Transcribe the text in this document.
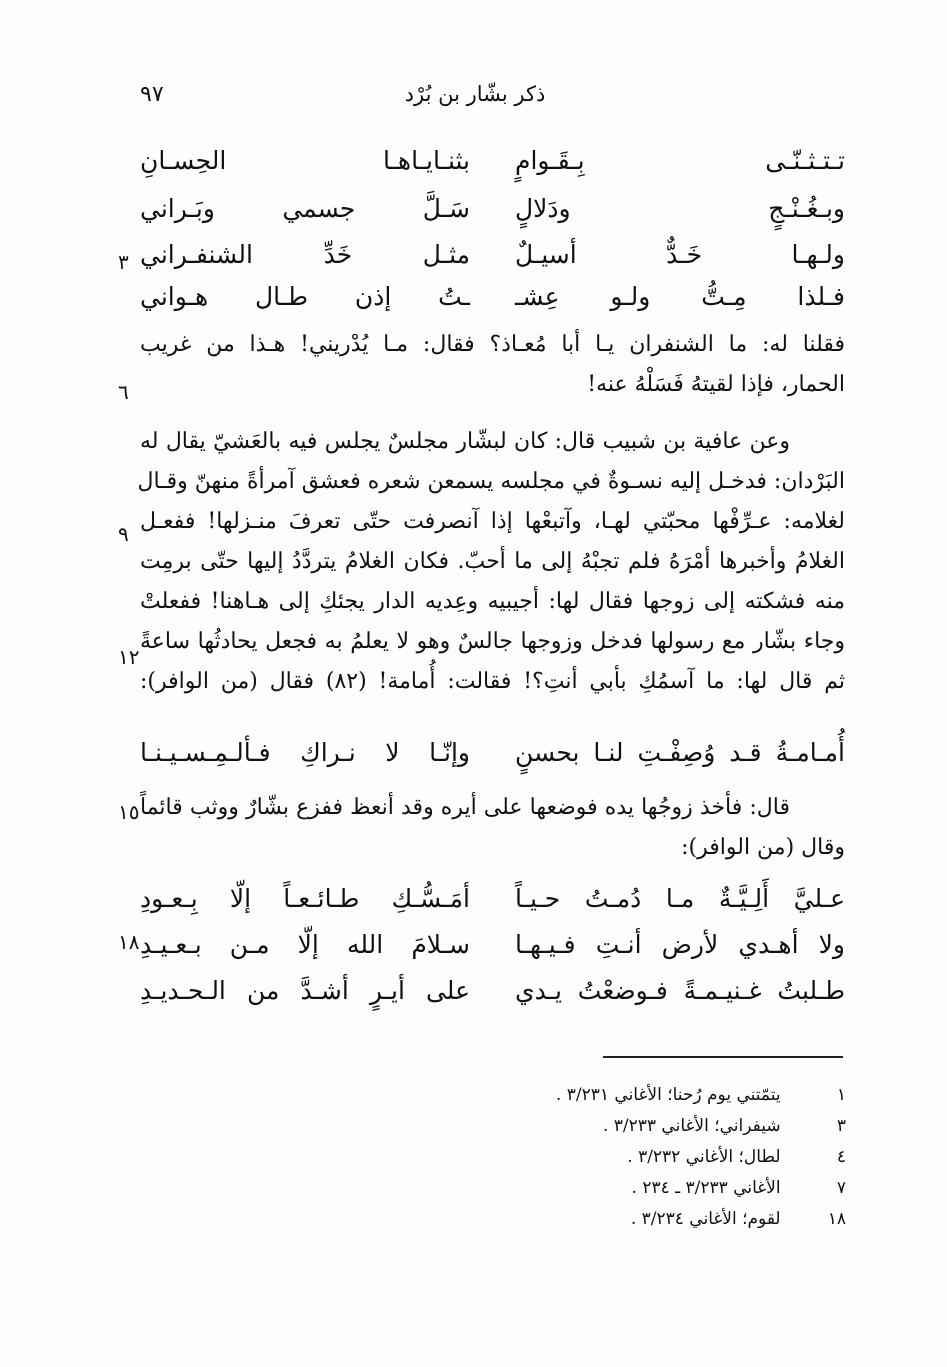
ذكر بشّار بن بُرْد
٩٧
تـتـثـنّـى بِـقَـوامٍ
بثنـايـاهـا الحِسـانِ
وبـغُـنْـجٍ ودَلالٍ
سَـلَّ جسمي وبَـراني
ولـهـا خَـدٌّ أسيـلٌ
مثـل خَدِّ الشنفـراني
فـلذا مِـتُّ ولـو عِشـ
ـتُ إذن طـال هـواني
فقلنا له: ما الشنفران يـا أبا مُعـاذ؟ فقال: مـا يُدْريني! هـذا من غريب
الحمار، فإذا لقيتهُ فَسَلْهُ عنه!
وعن عافية بن شبيب قال: كان لبشّار مجلسٌ يجلس فيه بالعَشيّ يقال له
البَرْدان: فدخـل إليه نسـوةٌ في مجلسه يسمعن شعره فعشق آمرأةً منهنّ وقـال
لغلامه: عـرِّفْها محبّتي لهـا، وآتبعْها إذا آنصرفت حتّى تعرفَ منـزلها! ففعـل
الغلامُ وأخبرها أمْرَهُ فلم تجبْهُ إلى ما أحبّ. فكان الغلامُ يتردَّدُ إليها حتّى برمِت
منه فشكته إلى زوجها فقال لها: أجيبيه وعِديه الدار يجئكِ إلى هـاهنا! ففعلتْ
وجاء بشّار مع رسولها فدخل وزوجها جالسٌ وهو لا يعلمُ به فجعل يحادثُها ساعةً
ثم قال لها: ما آسمُكِ بأبي أنتِ؟! فقالت: أُمامة! (٨٢) فقال (من الوافر):
أُمـامـةُ قـد وُصِفْـتِ لنـا بحسنٍ
وإنّـا لا نـراكِ فـألـمِـسـيـنـا
قال: فأخذ زوجُها يده فوضعها على أيره وقد أنعظ ففزع بشّارٌ ووثب قائماً
وقال (من الوافر):
عـليَّ أَلِـيَّـةٌ مـا دُمـتُ حـيـاً
أمَـسُّـكِ طـائـعـاً إلّا بِـعـودِ
ولا أهـدي لأرض أنـتِ فـيـهـا
سـلامَ الله إلّا مـن بـعـيـدِ
طـلبتُ غـنيـمـةً فـوضعْتُ يـدي
على أيـرٍ أشـدَّ من الـحـديـدِ
٣
٦
٩
١٢
١٥
١٨
١ يتمّتني يوم رُحنا؛ الأغاني ٣/٢٣١ .
٣ شيفراني؛ الأغاني ٣/٢٣٣ .
٤ لطال؛ الأغاني ٣/٢٣٢ .
٧ الأغاني ٣/٢٣٣ ـ ٢٣٤ .
١٨ لقوم؛ الأغاني ٣/٢٣٤ .
